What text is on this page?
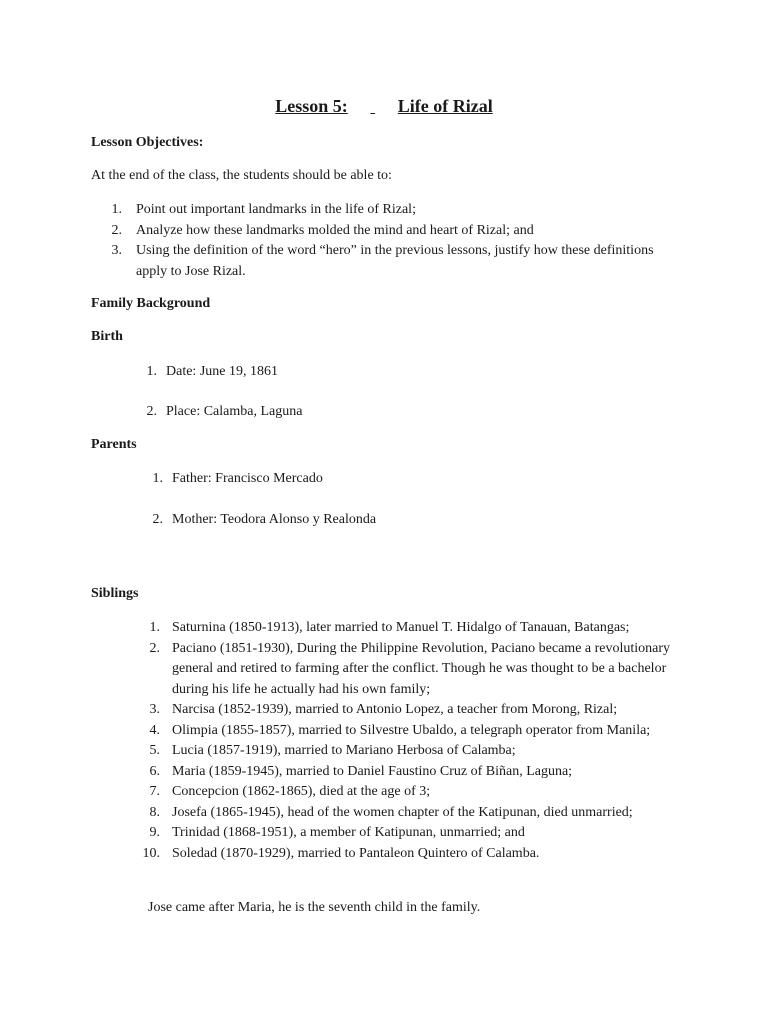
Lesson 5:	Life of Rizal
Lesson Objectives:
At the end of the class, the students should be able to:
1. Point out important landmarks in the life of Rizal;
2. Analyze how these landmarks molded the mind and heart of Rizal; and
3. Using the definition of the word “hero” in the previous lessons, justify how these definitions apply to Jose Rizal.
Family Background
Birth
1. Date: June 19, 1861
2. Place: Calamba, Laguna
Parents
1. Father: Francisco Mercado
2. Mother: Teodora Alonso y Realonda
Siblings
1. Saturnina (1850-1913), later married to Manuel T. Hidalgo of Tanauan, Batangas;
2. Paciano (1851-1930), During the Philippine Revolution, Paciano became a revolutionary general and retired to farming after the conflict. Though he was thought to be a bachelor during his life he actually had his own family;
3. Narcisa (1852-1939), married to Antonio Lopez, a teacher from Morong, Rizal;
4. Olimpia (1855-1857), married to Silvestre Ubaldo, a telegraph operator from Manila;
5. Lucia (1857-1919), married to Mariano Herbosa of Calamba;
6. Maria (1859-1945), married to Daniel Faustino Cruz of Biñan, Laguna;
7. Concepcion (1862-1865), died at the age of 3;
8. Josefa (1865-1945), head of the women chapter of the Katipunan, died unmarried;
9. Trinidad (1868-1951), a member of Katipunan, unmarried; and
10. Soledad (1870-1929), married to Pantaleon Quintero of Calamba.
Jose came after Maria, he is the seventh child in the family.
